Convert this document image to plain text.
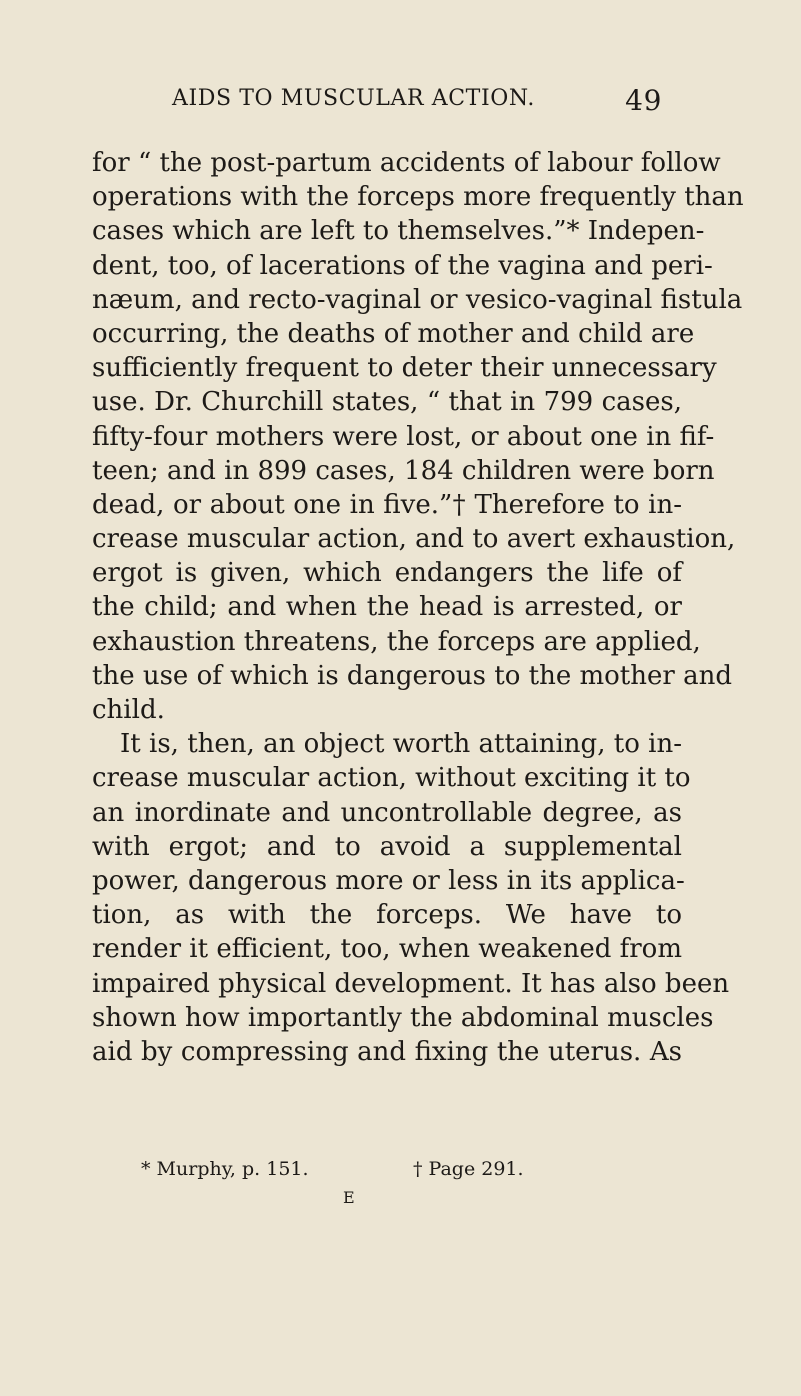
AIDS TO MUSCULAR ACTION.	49
for “ the post-partum accidents of labour follow
operations with the forceps more frequently than
cases which are left to themselves.”* Indepen-
dent, too, of lacerations of the vagina and peri-
næum, and recto-vaginal or vesico-vaginal fistula
occurring, the deaths of mother and child are
sufficiently frequent to deter their unnecessary
use. Dr. Churchill states, “ that in 799 cases,
fifty-four mothers were lost, or about one in fif-
teen; and in 899 cases, 184 children were born
dead, or about one in five.”† Therefore to in-
crease muscular action, and to avert exhaustion,
ergot is given, which endangers the life of
the child; and when the head is arrested, or
exhaustion threatens, the forceps are applied,
the use of which is dangerous to the mother and
child.
It is, then, an object worth attaining, to in-
crease muscular action, without exciting it to
an inordinate and uncontrollable degree, as
with ergot; and to avoid a supplemental
power, dangerous more or less in its applica-
tion, as with the forceps. We have to
render it efficient, too, when weakened from
impaired physical development. It has also been
shown how importantly the abdominal muscles
aid by compressing and fixing the uterus. As
* Murphy, p. 151.	† Page 291.
E
